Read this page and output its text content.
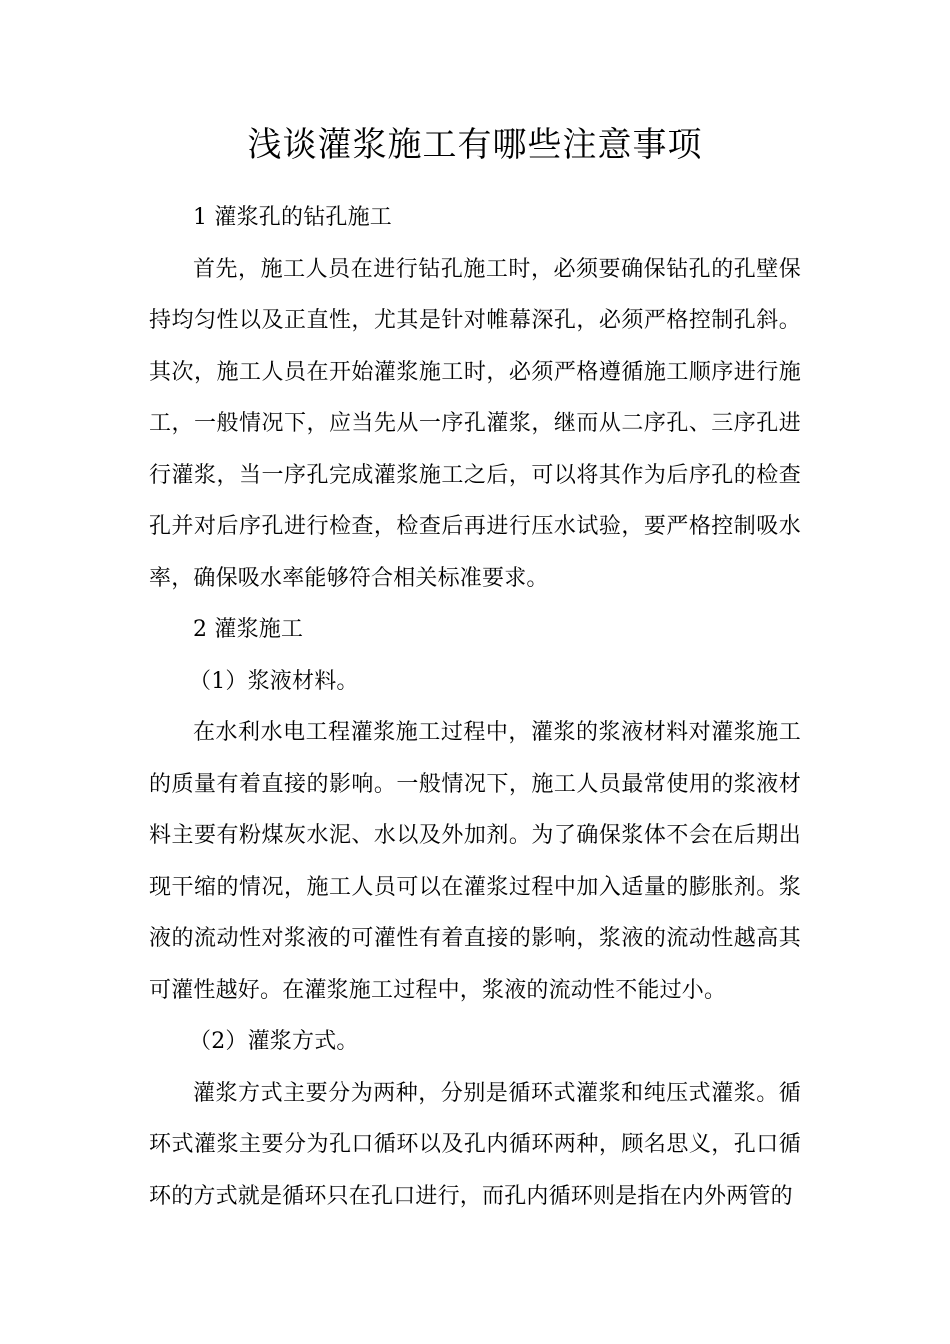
浅谈灌浆施工有哪些注意事项

1 灌浆孔的钻孔施工

首先，施工人员在进行钻孔施工时，必须要确保钻孔的孔壁保持均匀性以及正直性，尤其是针对帷幕深孔，必须严格控制孔斜。其次，施工人员在开始灌浆施工时，必须严格遵循施工顺序进行施工，一般情况下，应当先从一序孔灌浆，继而从二序孔、三序孔进行灌浆，当一序孔完成灌浆施工之后，可以将其作为后序孔的检查孔并对后序孔进行检查，检查后再进行压水试验，要严格控制吸水率，确保吸水率能够符合相关标准要求。

2 灌浆施工

（1）浆液材料。

在水利水电工程灌浆施工过程中，灌浆的浆液材料对灌浆施工的质量有着直接的影响。一般情况下，施工人员最常使用的浆液材料主要有粉煤灰水泥、水以及外加剂。为了确保浆体不会在后期出现干缩的情况，施工人员可以在灌浆过程中加入适量的膨胀剂。浆液的流动性对浆液的可灌性有着直接的影响，浆液的流动性越高其可灌性越好。在灌浆施工过程中，浆液的流动性不能过小。

（2）灌浆方式。

灌浆方式主要分为两种，分别是循环式灌浆和纯压式灌浆。循环式灌浆主要分为孔口循环以及孔内循环两种，顾名思义，孔口循环的方式就是循环只在孔口进行，而孔内循环则是指在内外两管的
